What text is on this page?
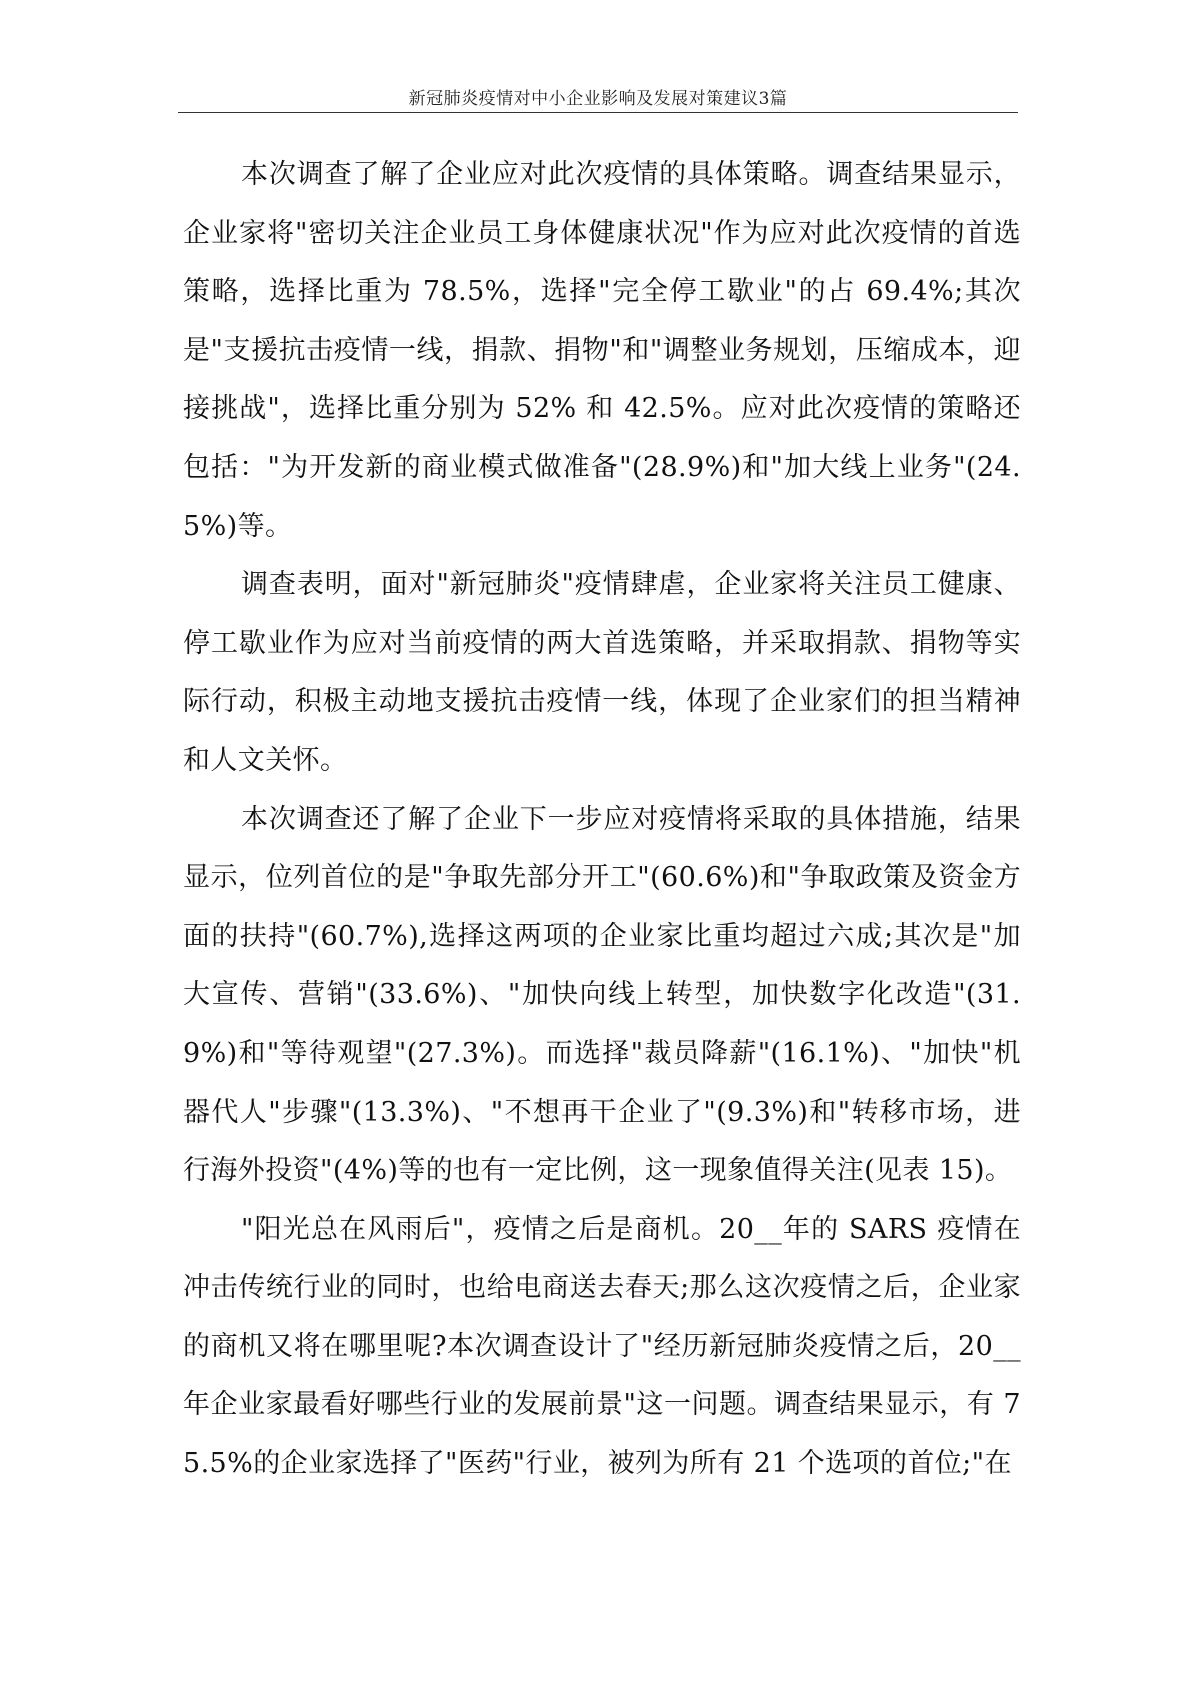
新冠肺炎疫情对中小企业影响及发展对策建议3篇

本次调查了解了企业应对此次疫情的具体策略。调查结果显示，企业家将"密切关注企业员工身体健康状况"作为应对此次疫情的首选策略，选择比重为 78.5%，选择"完全停工歇业"的占 69.4%;其次是"支援抗击疫情一线，捐款、捐物"和"调整业务规划，压缩成本，迎接挑战"，选择比重分别为 52% 和 42.5%。应对此次疫情的策略还包括："为开发新的商业模式做准备"(28.9%)和"加大线上业务"(24.5%)等。

调查表明，面对"新冠肺炎"疫情肆虐，企业家将关注员工健康、停工歇业作为应对当前疫情的两大首选策略，并采取捐款、捐物等实际行动，积极主动地支援抗击疫情一线，体现了企业家们的担当精神和人文关怀。

本次调查还了解了企业下一步应对疫情将采取的具体措施，结果显示，位列首位的是"争取先部分开工"(60.6%)和"争取政策及资金方面的扶持"(60.7%),选择这两项的企业家比重均超过六成;其次是"加大宣传、营销"(33.6%)、"加快向线上转型，加快数字化改造"(31.9%)和"等待观望"(27.3%)。而选择"裁员降薪"(16.1%)、"加快"机器代人"步骤"(13.3%)、"不想再干企业了"(9.3%)和"转移市场，进行海外投资"(4%)等的也有一定比例，这一现象值得关注(见表 15)。

"阳光总在风雨后"，疫情之后是商机。20__年的 SARS 疫情在冲击传统行业的同时，也给电商送去春天;那么这次疫情之后，企业家的商机又将在哪里呢?本次调查设计了"经历新冠肺炎疫情之后，20__年企业家最看好哪些行业的发展前景"这一问题。调查结果显示，有 75.5%的企业家选择了"医药"行业，被列为所有 21 个选项的首位;"在
